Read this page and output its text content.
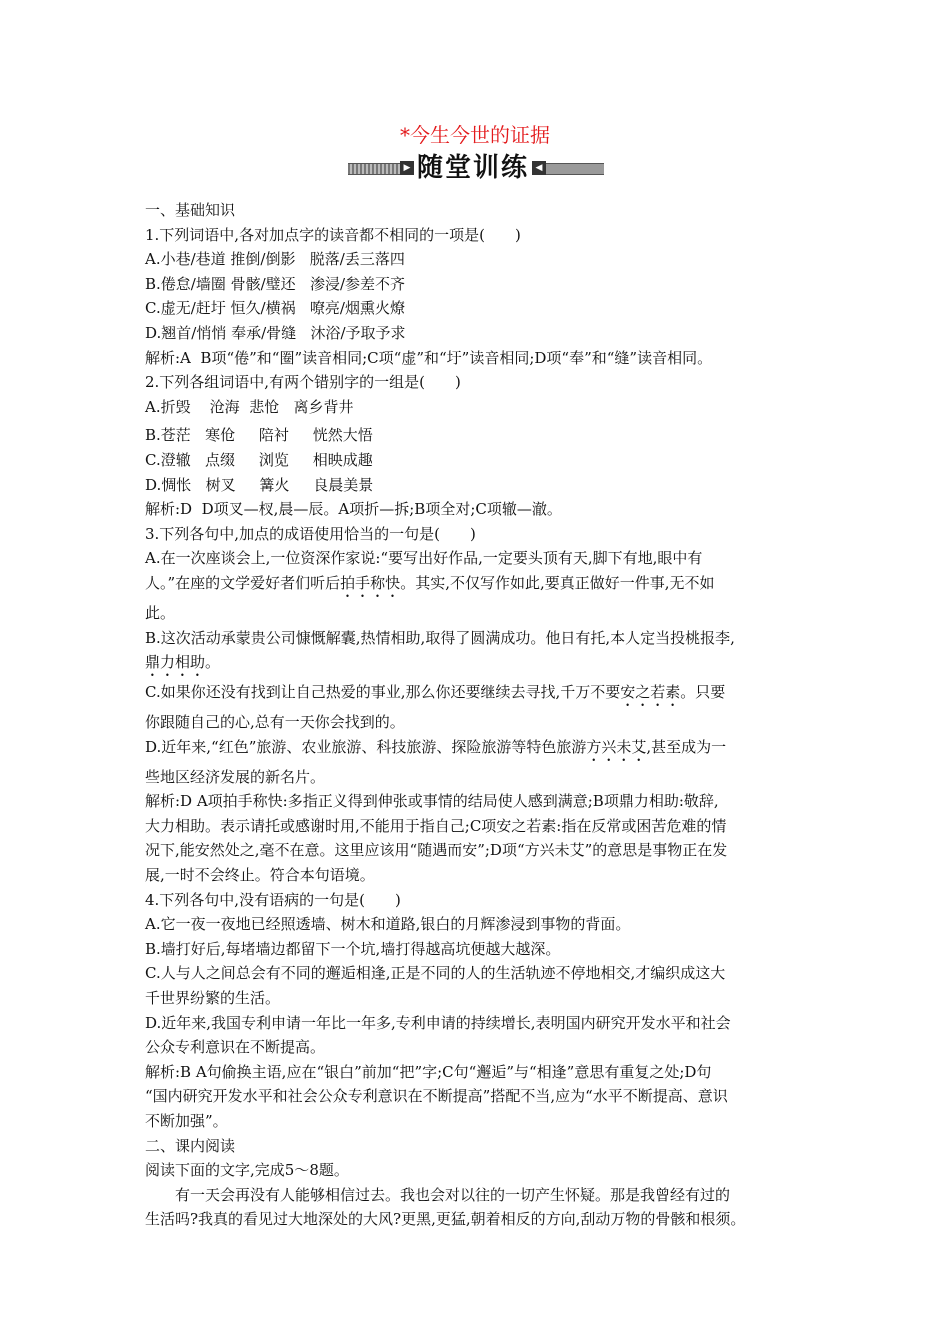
*今生今世的证据
▶ 随堂训练 ◀

一、基础知识

1.下列词语中,各对加点字的读音都不相同的一项是( )

A.小巷/巷道 推倒/倒影   脱落/丢三落四

B.倦怠/墙圈 骨骸/璧还   渗浸/参差不齐

C.虚无/赶圩 恒久/横祸   嘹亮/烟熏火燎

D.翘首/悄悄 奉承/骨缝   沐浴/予取予求

解析:A  B项“倦”和“圈”读音相同;C项“虚”和“圩”读音相同;D项“奉”和“缝”读音相同。

2.下列各组词语中,有两个错别字的一组是( )

A.折毁    沧海  悲怆   离乡背井

B.苍茫   寒伧     陪衬     恍然大悟

C.澄辙   点缀     浏览     相映成趣

D.惆怅   树叉     篝火     良晨美景

解析:D  D项叉—杈,晨—辰。A项折—拆;B项全对;C项辙—澈。

3.下列各句中,加点的成语使用恰当的一句是( )

A.在一次座谈会上,一位资深作家说:“要写出好作品,一定要头顶有天,脚下有地,眼中有

人。”在座的文学爱好者们听后拍手称快。其实,不仅写作如此,要真正做好一件事,无不如

此。

B.这次活动承蒙贵公司慷慨解囊,热情相助,取得了圆满成功。他日有托,本人定当投桃报李,

鼎力相助。

C.如果你还没有找到让自己热爱的事业,那么你还要继续去寻找,千万不要安之若素。只要

你跟随自己的心,总有一天你会找到的。

D.近年来,“红色”旅游、农业旅游、科技旅游、探险旅游等特色旅游方兴未艾,甚至成为一

些地区经济发展的新名片。

解析:D A项拍手称快:多指正义得到伸张或事情的结局使人感到满意;B项鼎力相助:敬辞,

大力相助。表示请托或感谢时用,不能用于指自己;C项安之若素:指在反常或困苦危难的情

况下,能安然处之,毫不在意。这里应该用“随遇而安”;D项“方兴未艾”的意思是事物正在发

展,一时不会终止。符合本句语境。

4.下列各句中,没有语病的一句是( )

A.它一夜一夜地已经照透墙、树木和道路,银白的月辉渗浸到事物的背面。

B.墙打好后,每堵墙边都留下一个坑,墙打得越高坑便越大越深。

C.人与人之间总会有不同的邂逅相逢,正是不同的人的生活轨迹不停地相交,才编织成这大

千世界纷繁的生活。

D.近年来,我国专利申请一年比一年多,专利申请的持续增长,表明国内研究开发水平和社会

公众专利意识在不断提高。

解析:B A句偷换主语,应在“银白”前加“把”字;C句“邂逅”与“相逢”意思有重复之处;D句

“国内研究开发水平和社会公众专利意识在不断提高”搭配不当,应为“水平不断提高、意识

不断加强”。

二、课内阅读

阅读下面的文字,完成5～8题。

有一天会再没有人能够相信过去。我也会对以往的一切产生怀疑。那是我曾经有过的

生活吗?我真的看见过大地深处的大风?更黑,更猛,朝着相反的方向,刮动万物的骨骸和根须。
